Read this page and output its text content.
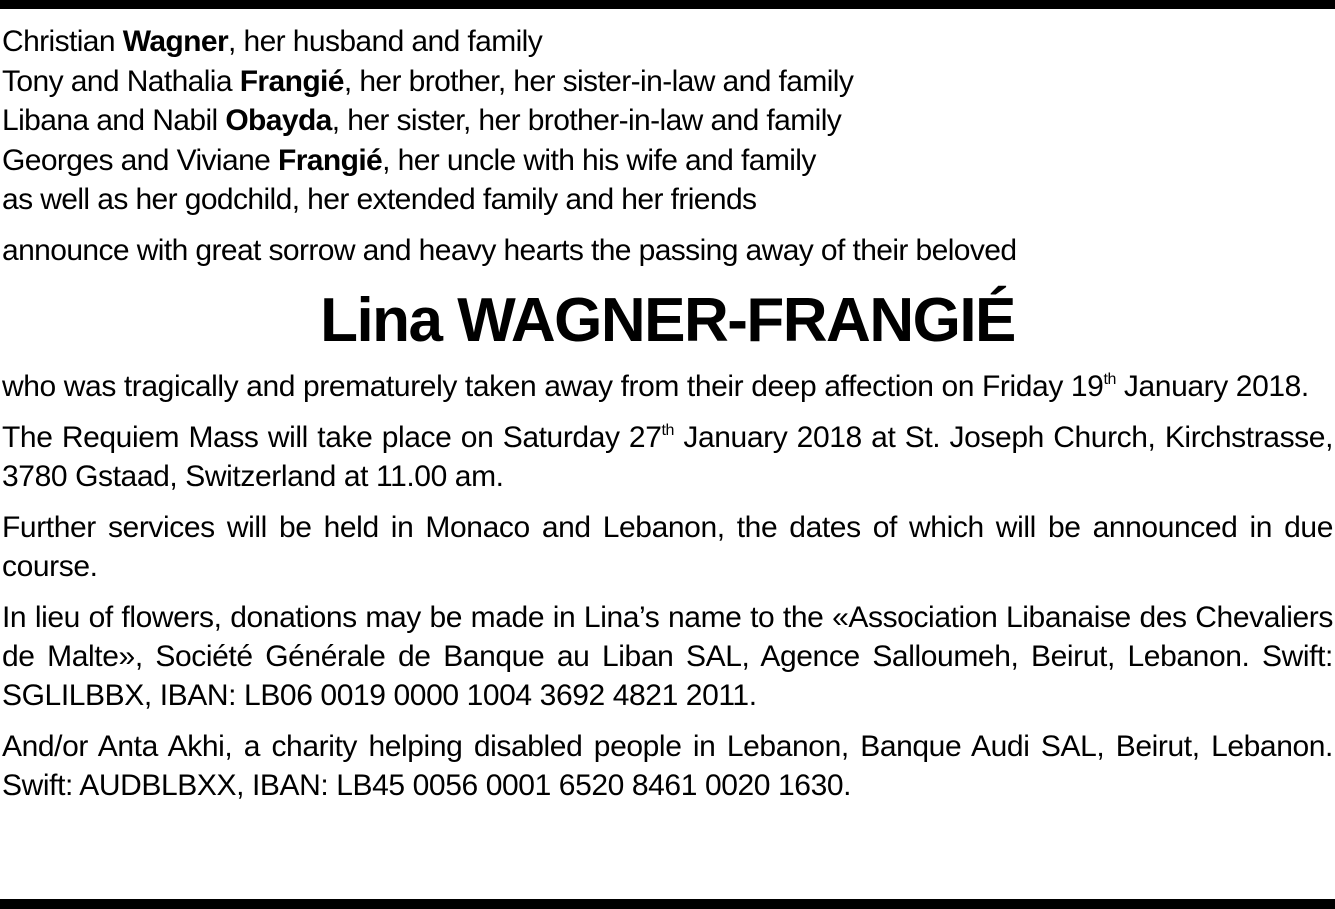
Christian Wagner, her husband and family
Tony and Nathalia Frangié, her brother, her sister-in-law and family
Libana and Nabil Obayda, her sister, her brother-in-law and family
Georges and Viviane Frangié, her uncle with his wife and family
as well as her godchild, her extended family and her friends
announce with great sorrow and heavy hearts the passing away of their beloved
Lina WAGNER-FRANGIÉ
who was tragically and prematurely taken away from their deep affection on Friday 19th January 2018.
The Requiem Mass will take place on Saturday 27th January 2018 at St. Joseph Church, Kirchstrasse, 3780 Gstaad, Switzerland at 11.00 am.
Further services will be held in Monaco and Lebanon, the dates of which will be announced in due course.
In lieu of flowers, donations may be made in Lina’s name to the «Association Libanaise des Chevaliers de Malte», Société Générale de Banque au Liban SAL, Agence Salloumeh, Beirut, Lebanon. Swift: SGLILBBX, IBAN: LB06 0019 0000 1004 3692 4821 2011.
And/or Anta Akhi, a charity helping disabled people in Lebanon, Banque Audi SAL, Beirut, Lebanon. Swift: AUDBLBXX, IBAN: LB45 0056 0001 6520 8461 0020 1630.
